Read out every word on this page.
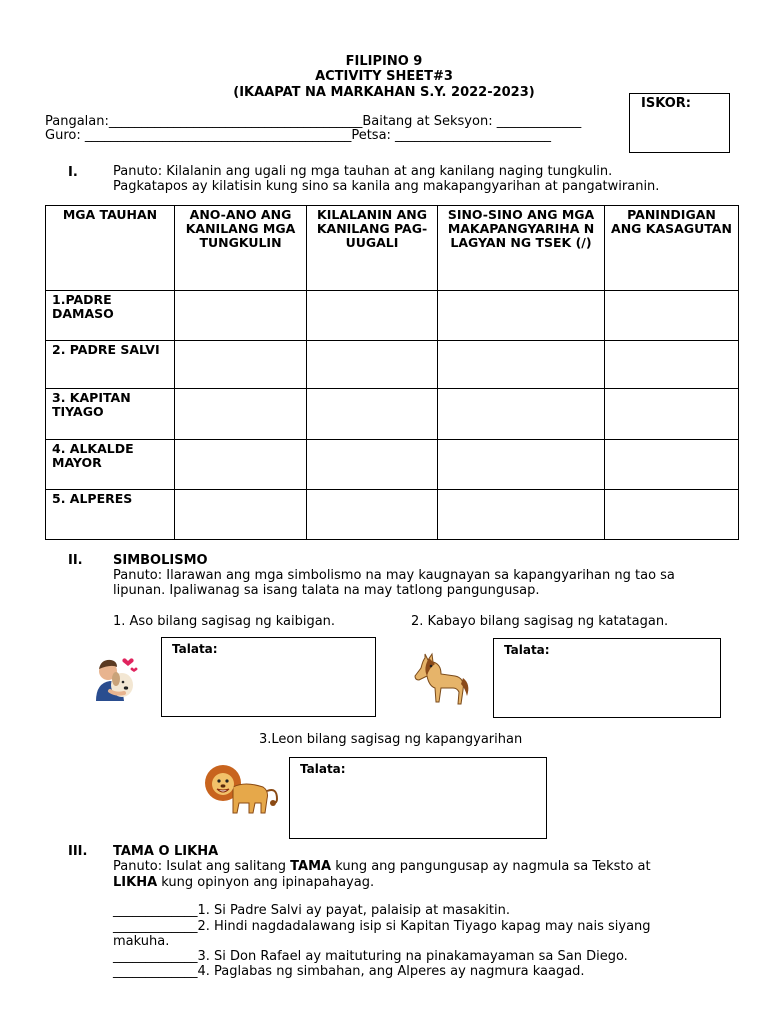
FILIPINO 9
ACTIVITY SHEET#3
(IKAAPAT NA MARKAHAN S.Y. 2022-2023)
ISKOR:
Pangalan:_______________________________________Baitang at Seksyon: _____________
Guro: _________________________________________Petsa: ________________________
I.	Panuto: Kilalanin ang ugali ng mga tauhan at ang kanilang naging tungkulin.
Pagkatapos ay kilatisin kung sino sa kanila ang makapangyarihan at pangatwiranin.
MGA TAUHAN	ANO-ANO ANG KANILANG MGA TUNGKULIN	KILALANIN ANG KANILANG PAG-UUGALI	SINO-SINO ANG MGA MAKAPANGYARIHA N LAGYAN NG TSEK (/)	PANINDIGAN ANG KASAGUTAN
1.PADRE DAMASO				
2. PADRE SALVI				
3. KAPITAN TIYAGO				
4. ALKALDE MAYOR				
5. ALPERES				
II. SIMBOLISMO
Panuto: Ilarawan ang mga simbolismo na may kaugnayan sa kapangyarihan ng tao sa
lipunan. Ipaliwanag sa isang talata na may tatlong pangungusap.
1. Aso bilang sagisag ng kaibigan.	2. Kabayo bilang sagisag ng katatagan.
Talata:	Talata:
3.Leon bilang sagisag ng kapangyarihan
Talata:
III. TAMA O LIKHA
Panuto: Isulat ang salitang TAMA kung ang pangungusap ay nagmula sa Teksto at
LIKHA kung opinyon ang ipinapahayag.
_____________1. Si Padre Salvi ay payat, palaisip at masakitin.
_____________2. Hindi nagdadalawang isip si Kapitan Tiyago kapag may nais siyang
makuha.
_____________3. Si Don Rafael ay maituturing na pinakamayaman sa San Diego.
_____________4. Paglabas ng simbahan, ang Alperes ay nagmura kaagad.
